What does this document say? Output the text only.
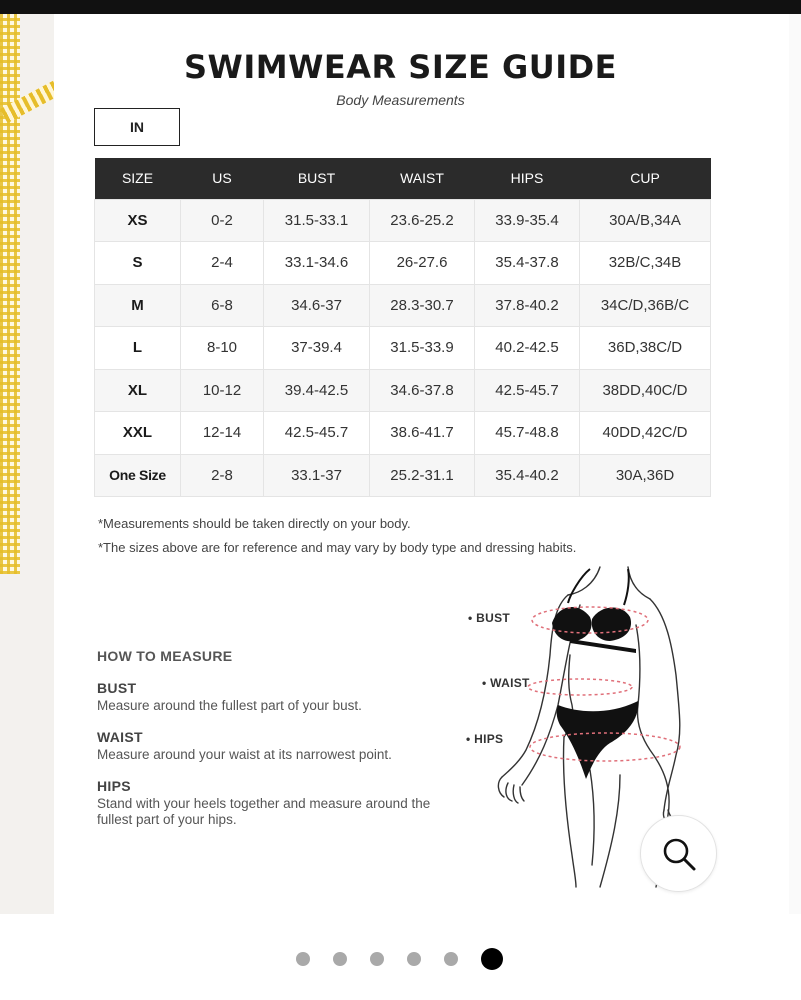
SWIMWEAR SIZE GUIDE
Body Measurements
IN
SIZE	US	BUST	WAIST	HIPS	CUP
XS	0-2	31.5-33.1	23.6-25.2	33.9-35.4	30A/B,34A
S	2-4	33.1-34.6	26-27.6	35.4-37.8	32B/C,34B
M	6-8	34.6-37	28.3-30.7	37.8-40.2	34C/D,36B/C
L	8-10	37-39.4	31.5-33.9	40.2-42.5	36D,38C/D
XL	10-12	39.4-42.5	34.6-37.8	42.5-45.7	38DD,40C/D
XXL	12-14	42.5-45.7	38.6-41.7	45.7-48.8	40DD,42C/D
One Size	2-8	33.1-37	25.2-31.1	35.4-40.2	30A,36D
*Measurements should be taken directly on your body.
*The sizes above are for reference and may vary by body type and dressing habits.
HOW TO MEASURE
BUST
Measure around the fullest part of your bust.
WAIST
Measure around your waist at its narrowest point.
HIPS
Stand with your heels together and measure around the fullest part of your hips.
• BUST
• WAIST
• HIPS
